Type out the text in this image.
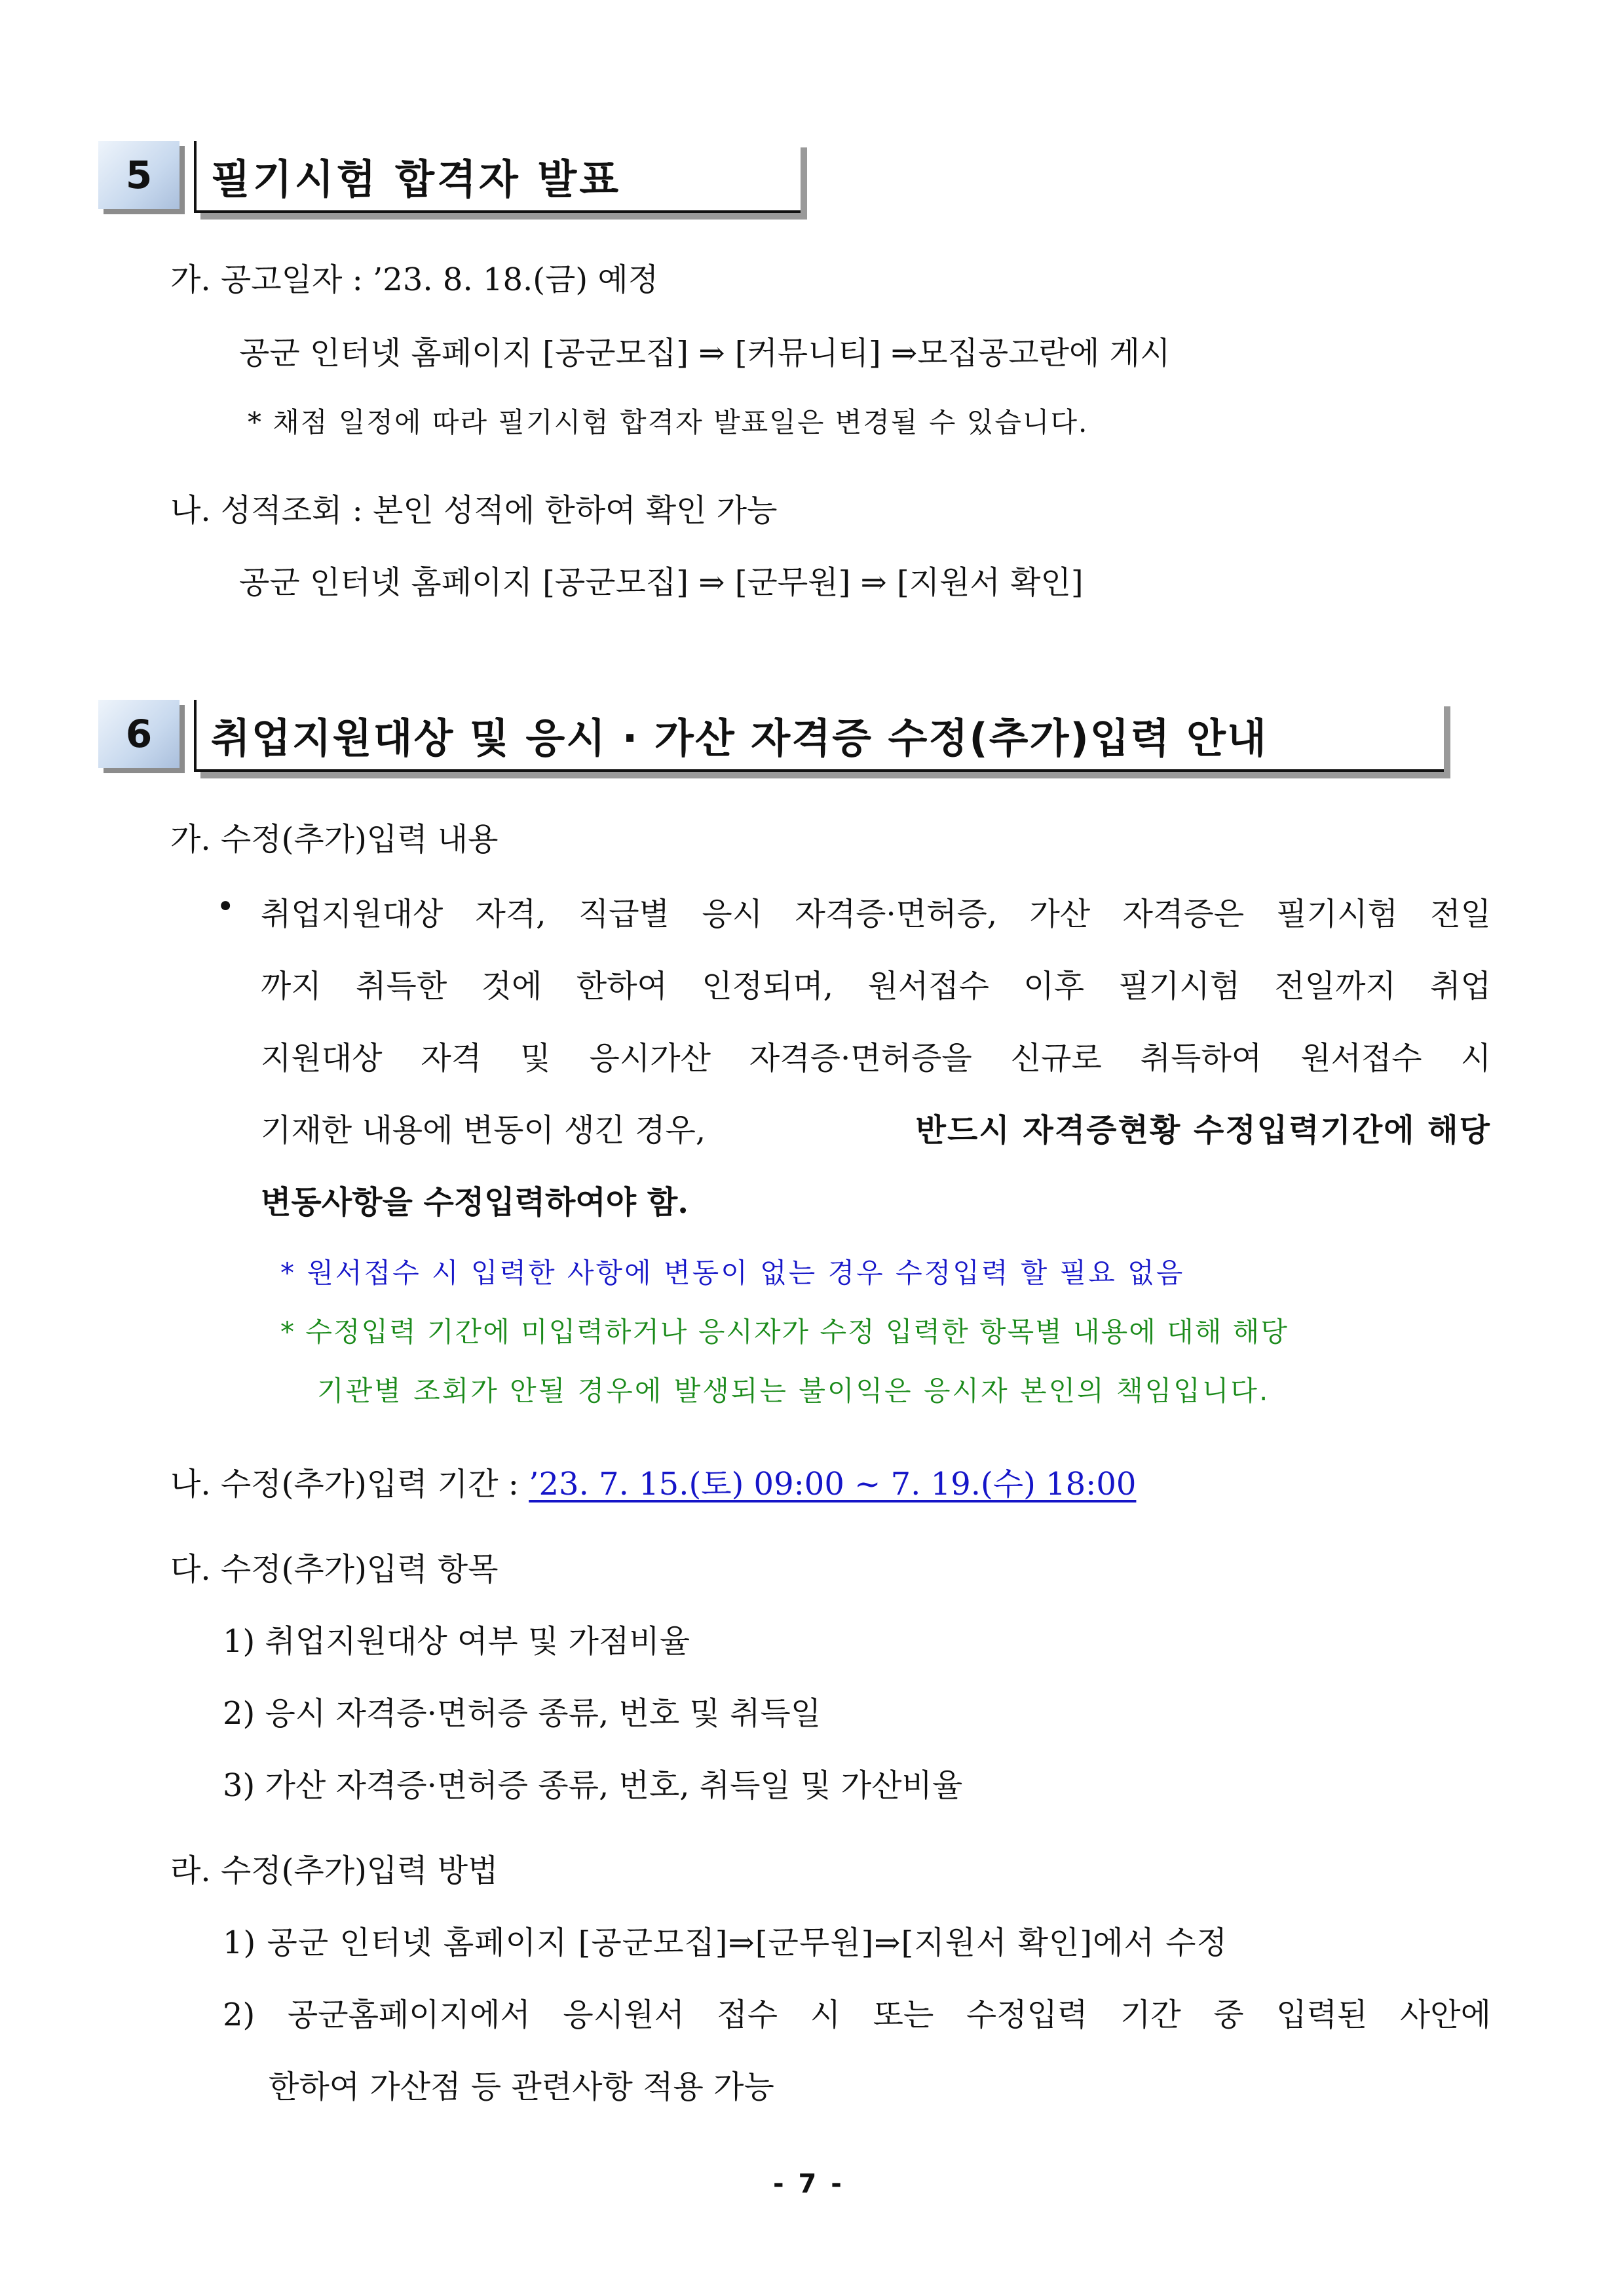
5	필기시험 합격자 발표
가. 공고일자 : ’23. 8. 18.(금) 예정
공군 인터넷 홈페이지 [공군모집] ⇒ [커뮤니티] ⇒모집공고란에 게시
* 채점 일정에 따라 필기시험 합격자 발표일은 변경될 수 있습니다.
나. 성적조회 : 본인 성적에 한하여 확인 가능
공군 인터넷 홈페이지 [공군모집] ⇒ [군무원] ⇒ [지원서 확인]
6	취업지원대상 및 응시 · 가산 자격증 수정(추가)입력 안내
가. 수정(추가)입력 내용
• 취업지원대상 자격, 직급별 응시 자격증·면허증, 가산 자격증은 필기시험 전일
까지 취득한 것에 한하여 인정되며, 원서접수 이후 필기시험 전일까지 취업
지원대상 자격 및 응시가산 자격증·면허증을 신규로 취득하여 원서접수 시
기재한 내용에 변동이 생긴 경우,	반드시 자격증현황 수정입력기간에 해당
변동사항을 수정입력하여야 함.
* 원서접수 시 입력한 사항에 변동이 없는 경우 수정입력 할 필요 없음
* 수정입력 기간에 미입력하거나 응시자가 수정 입력한 항목별 내용에 대해 해당
기관별 조회가 안될 경우에 발생되는 불이익은 응시자 본인의 책임입니다.
나. 수정(추가)입력 기간 : ’23. 7. 15.(토) 09:00 ~ 7. 19.(수) 18:00
다. 수정(추가)입력 항목
1) 취업지원대상 여부 및 가점비율
2) 응시 자격증·면허증 종류, 번호 및 취득일
3) 가산 자격증·면허증 종류, 번호, 취득일 및 가산비율
라. 수정(추가)입력 방법
1) 공군 인터넷 홈페이지 [공군모집]⇒[군무원]⇒[지원서 확인]에서 수정
2) 공군홈페이지에서 응시원서 접수 시 또는 수정입력 기간 중 입력된 사안에
한하여 가산점 등 관련사항 적용 가능
- 7 -
